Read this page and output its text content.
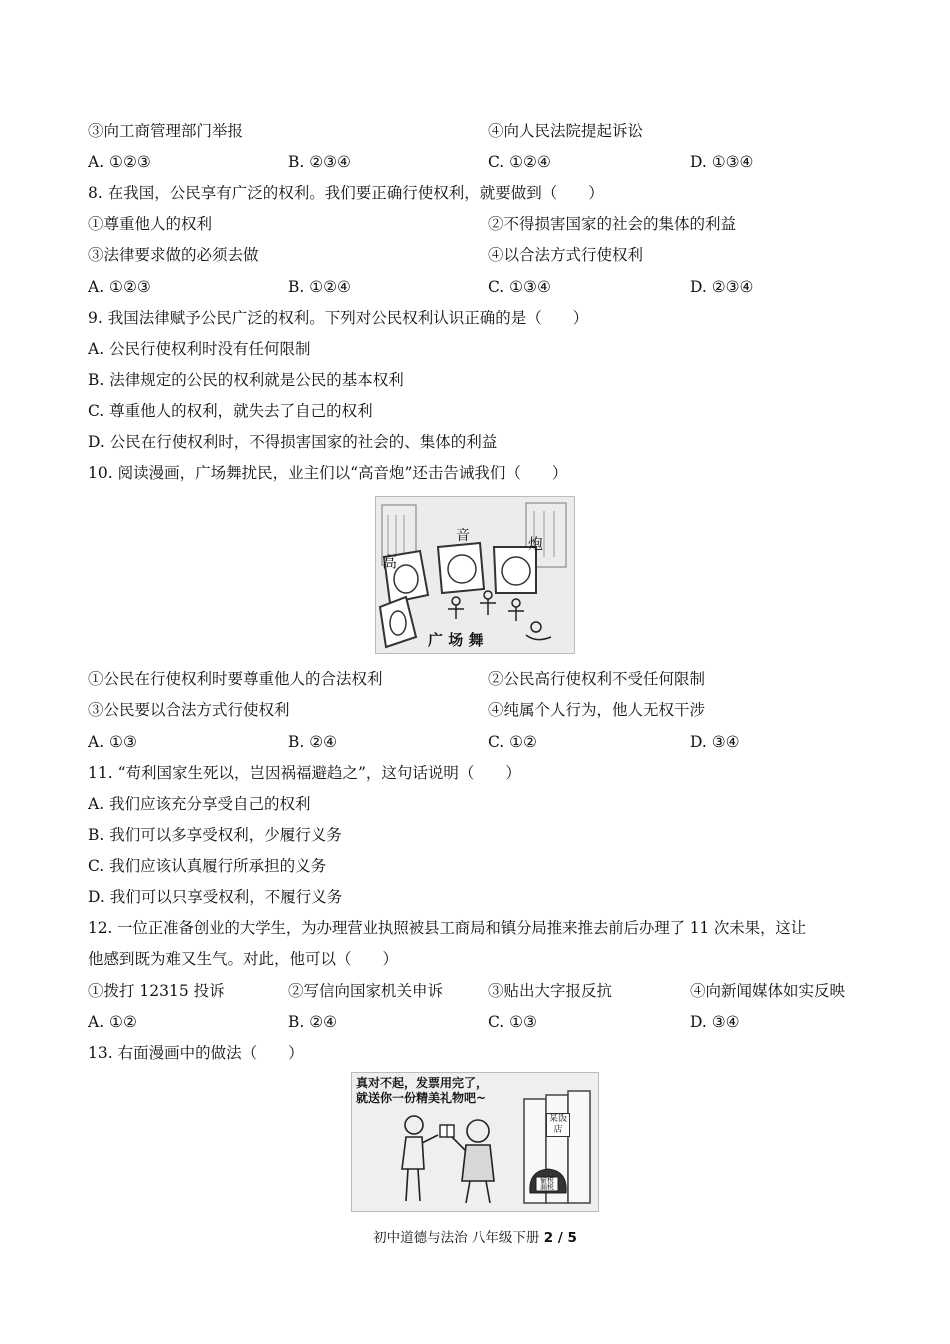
③向工商管理部门举报	④向人民法院提起诉讼
A. ①②③	B. ②③④	C. ①②④	D. ①③④
8. 在我国，公民享有广泛的权利。我们要正确行使权利，就要做到（　　）
①尊重他人的权利	②不得损害国家的社会的集体的利益
③法律要求做的必须去做	④以合法方式行使权利
A. ①②③	B. ①②④	C. ①③④	D. ②③④
9. 我国法律赋予公民广泛的权利。下列对公民权利认识正确的是（　　）
A. 公民行使权利时没有任何限制
B. 法律规定的公民的权利就是公民的基本权利
C. 尊重他人的权利，就失去了自己的权利
D. 公民在行使权利时，不得损害国家的社会的、集体的利益
10. 阅读漫画，广场舞扰民，业主们以“高音炮”还击告诫我们（　　）
高
音	炮
广 场 舞
①公民在行使权利时要尊重他人的合法权利	②公民高行使权利不受任何限制
③公民要以合法方式行使权利	④纯属个人行为，他人无权干涉
A. ①③	B. ②④	C. ①②	D. ③④
11. “苟利国家生死以，岂因祸福避趋之”，这句话说明（　　）
A. 我们应该充分享受自己的权利
B. 我们可以多享受权利，少履行义务
C. 我们应该认真履行所承担的义务
D. 我们可以只享受权利，不履行义务
12. 一位正准备创业的大学生，为办理营业执照被县工商局和镇分局推来推去前后办理了 11 次未果，这让
他感到既为难又生气。对此，他可以（　　）
①拨打 12315 投诉	②写信向国家机关申诉	③贴出大字报反抗	④向新闻媒体如实反映
A. ①②	B. ②④	C. ①③	D. ③④
13. 右面漫画中的做法（　　）
真对不起，发票用完了，
就送你一份精美礼物吧~
某饭店
偷税
漏税
初中道德与法治 八年级下册 2 / 5
